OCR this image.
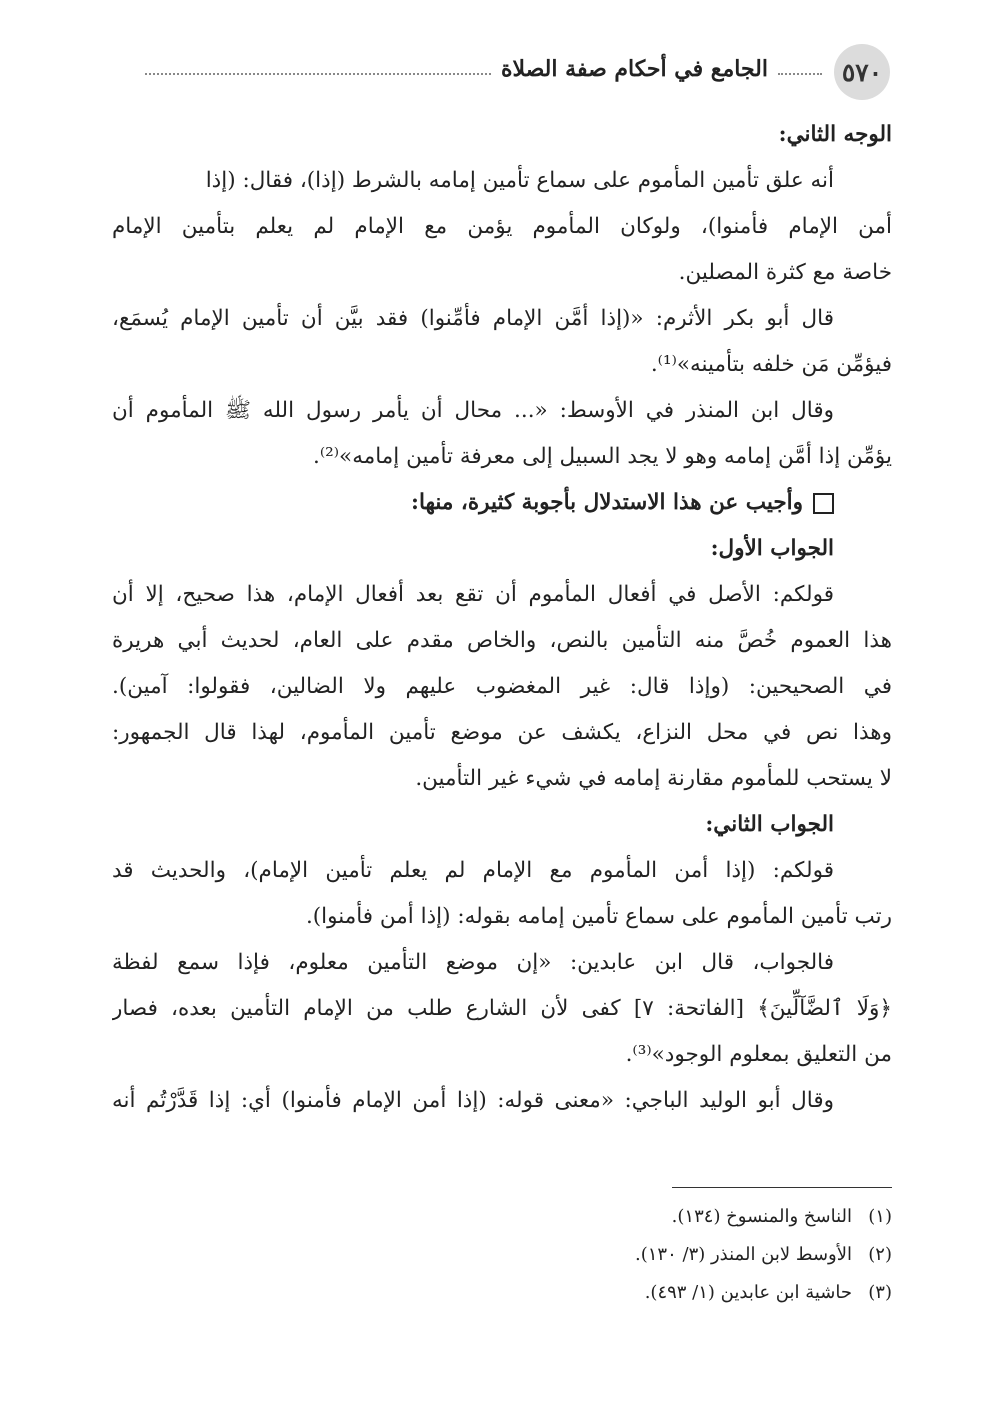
٥٧٠
الجامع في أحكام صفة الصلاة
الوجه الثاني:
أنه علق تأمين المأموم على سماع تأمين إمامه بالشرط (إذا)، فقال: (إذا
أمن الإمام فأمنوا)، ولوكان المأموم يؤمن مع الإمام لم يعلم بتأمين الإمام
خاصة مع كثرة المصلين.
قال أبو بكر الأثرم: «(إذا أمَّن الإمام فأمِّنوا) فقد بيَّن أن تأمين الإمام يُسمَع،
فيؤمِّن مَن خلفه بتأمينه»⁽¹⁾.
وقال ابن المنذر في الأوسط: «... محال أن يأمر رسول الله ﷺ المأموم أن
يؤمِّن إذا أمَّن إمامه وهو لا يجد السبيل إلى معرفة تأمين إمامه»⁽²⁾.
وأجيب عن هذا الاستدلال بأجوبة كثيرة، منها:
الجواب الأول:
قولكم: الأصل في أفعال المأموم أن تقع بعد أفعال الإمام، هذا صحيح، إلا أن
هذا العموم خُصَّ منه التأمين بالنص، والخاص مقدم على العام، لحديث أبي هريرة
في الصحيحين: (وإذا قال: غير المغضوب عليهم ولا الضالين، فقولوا: آمين).
وهذا نص في محل النزاع، يكشف عن موضع تأمين المأموم، لهذا قال الجمهور:
لا يستحب للمأموم مقارنة إمامه في شيء غير التأمين.
الجواب الثاني:
قولكم: (إذا أمن المأموم مع الإمام لم يعلم تأمين الإمام)، والحديث قد
رتب تأمين المأموم على سماع تأمين إمامه بقوله: (إذا أمن فأمنوا).
فالجواب، قال ابن عابدين: «إن موضع التأمين معلوم، فإذا سمع لفظة
﴿وَلَا ٱلضَّآلِّينَ﴾ [الفاتحة: ٧] كفى لأن الشارع طلب من الإمام التأمين بعده، فصار
من التعليق بمعلوم الوجود»⁽³⁾.
وقال أبو الوليد الباجي: «معنى قوله: (إذا أمن الإمام فأمنوا) أي: إذا قَدَّرْتُم أنه
(١)الناسخ والمنسوخ (١٣٤).
(٢)الأوسط لابن المنذر (٣/ ١٣٠).
(٣)حاشية ابن عابدين (١/ ٤٩٣).
